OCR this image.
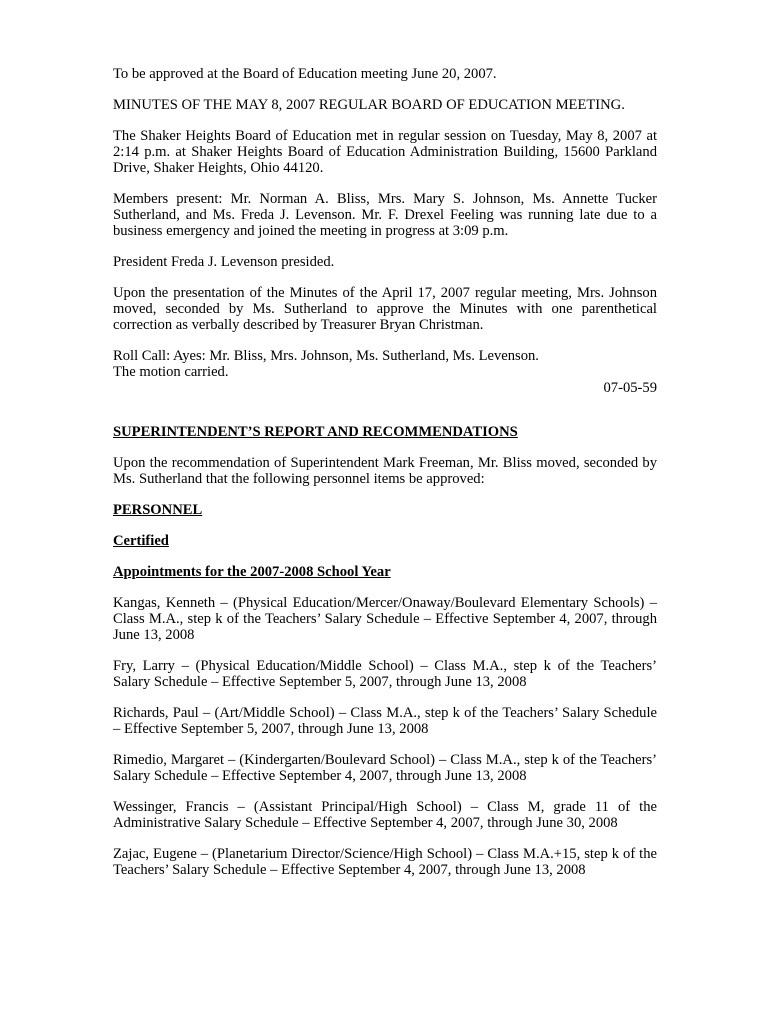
To be approved at the Board of Education meeting June 20, 2007.

MINUTES OF THE MAY 8, 2007 REGULAR BOARD OF EDUCATION MEETING.

The Shaker Heights Board of Education met in regular session on Tuesday, May 8, 2007 at 2:14 p.m. at Shaker Heights Board of Education Administration Building, 15600 Parkland Drive, Shaker Heights, Ohio 44120.

Members present: Mr. Norman A. Bliss, Mrs. Mary S. Johnson, Ms. Annette Tucker Sutherland, and Ms. Freda J. Levenson. Mr. F. Drexel Feeling was running late due to a business emergency and joined the meeting in progress at 3:09 p.m.

President Freda J. Levenson presided.

Upon the presentation of the Minutes of the April 17, 2007 regular meeting, Mrs. Johnson moved, seconded by Ms. Sutherland to approve the Minutes with one parenthetical correction as verbally described by Treasurer Bryan Christman.

Roll Call: Ayes: Mr. Bliss, Mrs. Johnson, Ms. Sutherland, Ms. Levenson.

The motion carried.

07-05-59

SUPERINTENDENT’S REPORT AND RECOMMENDATIONS

Upon the recommendation of Superintendent Mark Freeman, Mr. Bliss moved, seconded by Ms. Sutherland that the following personnel items be approved:

PERSONNEL

Certified

Appointments for the 2007-2008 School Year

Kangas, Kenneth – (Physical Education/Mercer/Onaway/Boulevard Elementary Schools) – Class M.A., step k of the Teachers’ Salary Schedule – Effective September 4, 2007, through June 13, 2008

Fry, Larry – (Physical Education/Middle School) – Class M.A., step k of the Teachers’ Salary Schedule – Effective September 5, 2007, through June 13, 2008

Richards, Paul – (Art/Middle School) – Class M.A., step k of the Teachers’ Salary Schedule – Effective September 5, 2007, through June 13, 2008

Rimedio, Margaret – (Kindergarten/Boulevard School) – Class M.A., step k of the Teachers’ Salary Schedule – Effective September 4, 2007, through June 13, 2008

Wessinger, Francis – (Assistant Principal/High School) – Class M, grade 11 of the Administrative Salary Schedule – Effective September 4, 2007, through June 30, 2008

Zajac, Eugene – (Planetarium Director/Science/High School) – Class M.A.+15, step k of the Teachers’ Salary Schedule – Effective September 4, 2007, through June 13, 2008
